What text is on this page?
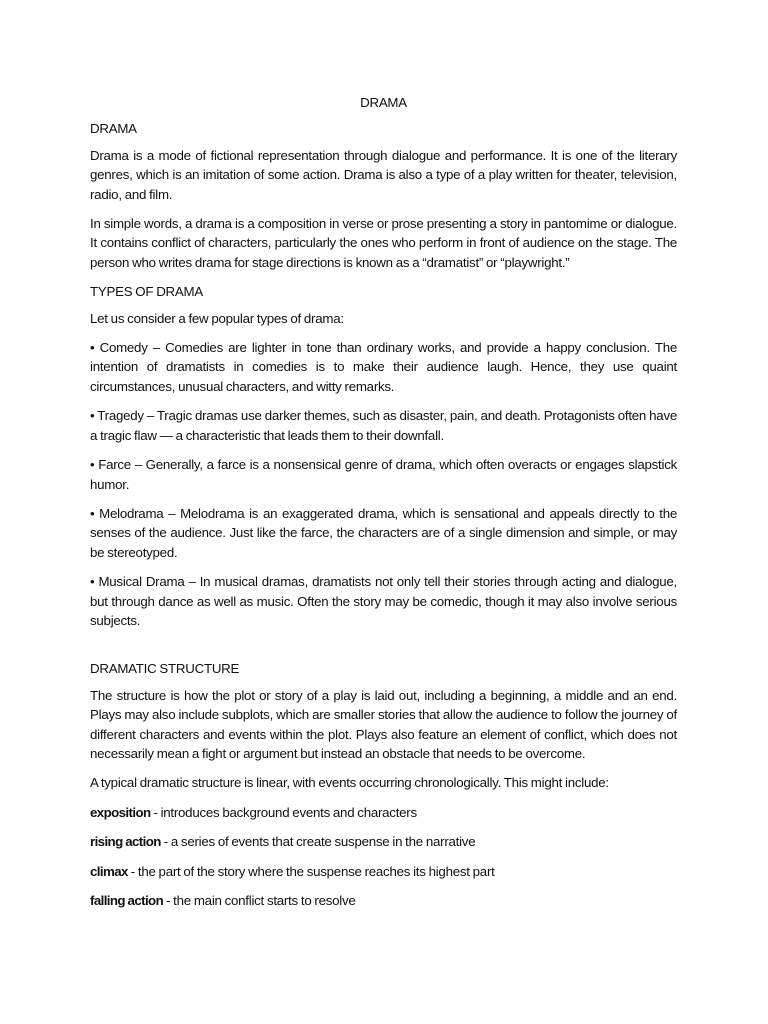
DRAMA
DRAMA

Drama is a mode of fictional representation through dialogue and performance. It is one of the literary genres, which is an imitation of some action. Drama is also a type of a play written for theater, television, radio, and film.

In simple words, a drama is a composition in verse or prose presenting a story in pantomime or dialogue. It contains conflict of characters, particularly the ones who perform in front of audience on the stage. The person who writes drama for stage directions is known as a “dramatist” or “playwright.”

TYPES OF DRAMA

Let us consider a few popular types of drama:

• Comedy – Comedies are lighter in tone than ordinary works, and provide a happy conclusion. The intention of dramatists in comedies is to make their audience laugh. Hence, they use quaint circumstances, unusual characters, and witty remarks.

• Tragedy – Tragic dramas use darker themes, such as disaster, pain, and death. Protagonists often have a tragic flaw — a characteristic that leads them to their downfall.

• Farce – Generally, a farce is a nonsensical genre of drama, which often overacts or engages slapstick humor.

• Melodrama – Melodrama is an exaggerated drama, which is sensational and appeals directly to the senses of the audience. Just like the farce, the characters are of a single dimension and simple, or may be stereotyped.

• Musical Drama – In musical dramas, dramatists not only tell their stories through acting and dialogue, but through dance as well as music. Often the story may be comedic, though it may also involve serious subjects.

DRAMATIC STRUCTURE

The structure is how the plot or story of a play is laid out, including a beginning, a middle and an end. Plays may also include subplots, which are smaller stories that allow the audience to follow the journey of different characters and events within the plot. Plays also feature an element of conflict, which does not necessarily mean a fight or argument but instead an obstacle that needs to be overcome.

A typical dramatic structure is linear, with events occurring chronologically. This might include:

exposition - introduces background events and characters
rising action - a series of events that create suspense in the narrative
climax - the part of the story where the suspense reaches its highest part
falling action - the main conflict starts to resolve
